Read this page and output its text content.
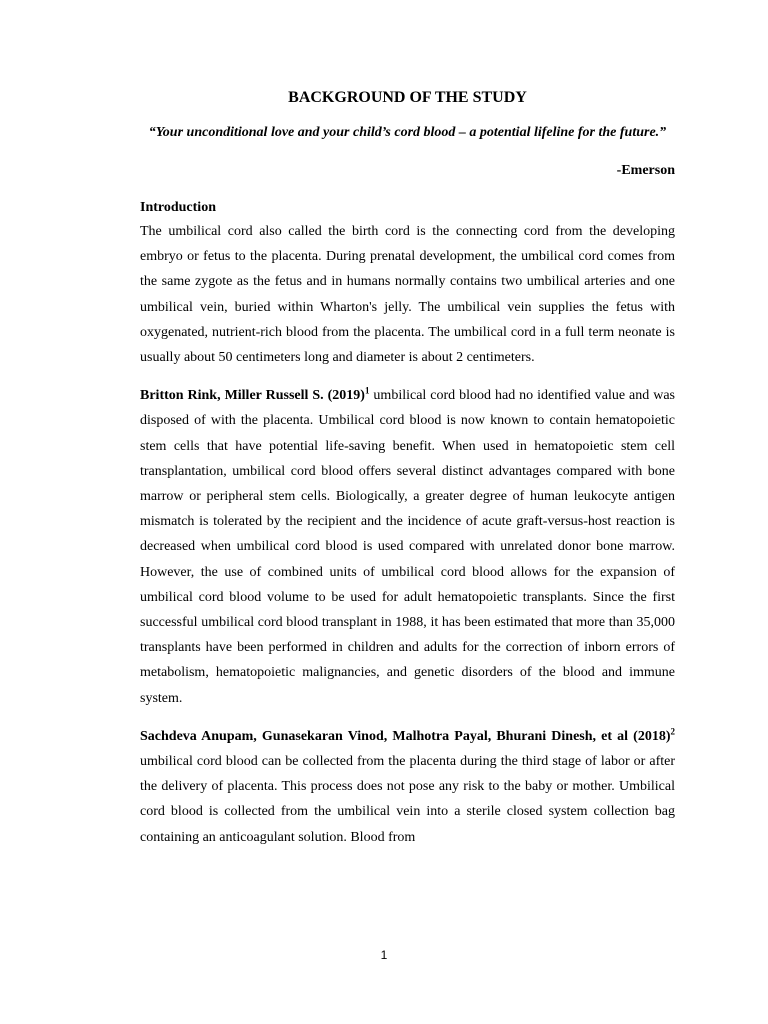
BACKGROUND OF THE STUDY

“Your unconditional love and your child’s cord blood – a potential lifeline for the future.”

-Emerson

Introduction

The umbilical cord also called the birth cord is the connecting cord from the developing embryo or fetus to the placenta. During prenatal development, the umbilical cord comes from the same zygote as the fetus and in humans normally contains two umbilical arteries and one umbilical vein, buried within Wharton's jelly. The umbilical vein supplies the fetus with oxygenated, nutrient-rich blood from the placenta. The umbilical cord in a full term neonate is usually about 50 centimeters long and diameter is about 2 centimeters.

Britton Rink, Miller Russell S. $(2019)^1$ umbilical cord blood had no identified value and was disposed of with the placenta. Umbilical cord blood is now known to contain hematopoietic stem cells that have potential life-saving benefit. When used in hematopoietic stem cell transplantation, umbilical cord blood offers several distinct advantages compared with bone marrow or peripheral stem cells. Biologically, a greater degree of human leukocyte antigen mismatch is tolerated by the recipient and the incidence of acute graft-versus-host reaction is decreased when umbilical cord blood is used compared with unrelated donor bone marrow. However, the use of combined units of umbilical cord blood allows for the expansion of umbilical cord blood volume to be used for adult hematopoietic transplants. Since the first successful umbilical cord blood transplant in 1988, it has been estimated that more than 35,000 transplants have been performed in children and adults for the correction of inborn errors of metabolism, hematopoietic malignancies, and genetic disorders of the blood and immune system.

Sachdeva Anupam, Gunasekaran Vinod, Malhotra Payal, Bhurani Dinesh, et al $(2018)^2$ umbilical cord blood can be collected from the placenta during the third stage of labor or after the delivery of placenta. This process does not pose any risk to the baby or mother. Umbilical cord blood is collected from the umbilical vein into a sterile closed system collection bag containing an anticoagulant solution. Blood from

1
